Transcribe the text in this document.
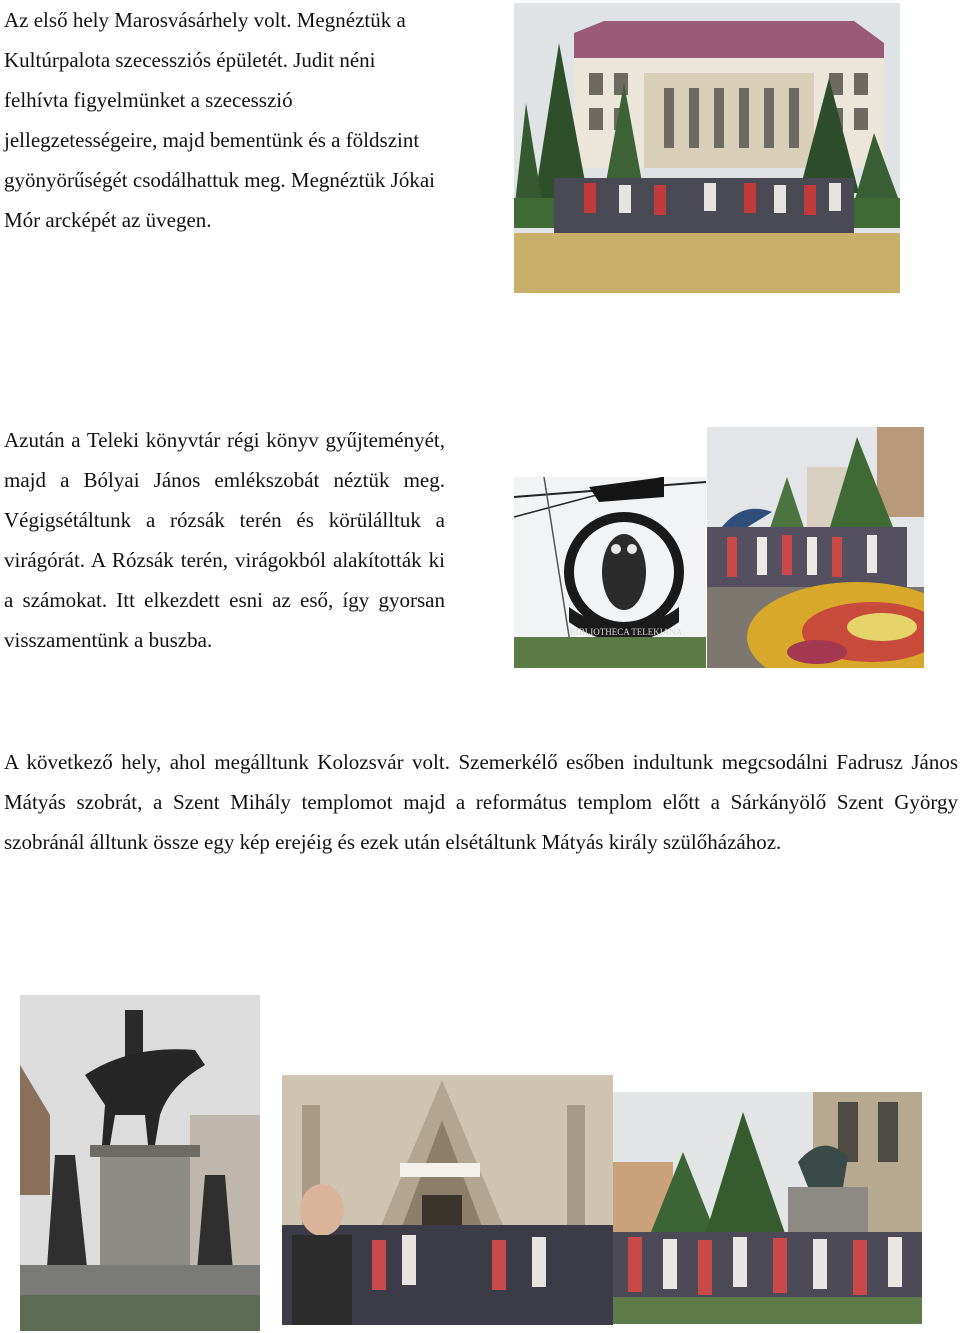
Az első hely Marosvásárhely volt. Megnéztük a Kultúrpalota szecessziós épületét. Judit néni felhívta figyelmünket a szecesszió jellegzetességeire, majd bementünk és a földszint gyönyörűségét csodálhattuk meg. Megnéztük Jókai Mór arcképét az üvegen.

Azután a Teleki könyvtár régi könyv gyűjteményét, majd a Bólyai János emlékszobát néztük meg. Végigsétáltunk a rózsák terén és körülálltuk a virágórát. A Rózsák terén, virágokból alakították ki a számokat. Itt elkezdett esni az eső, így gyorsan visszamentünk a buszba.	BIBLIOTHECA TELEKIANA

A következő hely, ahol megálltunk Kolozsvár volt. Szemerkélő esőben indultunk megcsodálni Fadrusz János Mátyás szobrát, a Szent Mihály templomot majd a református templom előtt a Sárkányölő Szent György szobránál álltunk össze egy kép erejéig és ezek után elsétáltunk Mátyás király szülőházához.
